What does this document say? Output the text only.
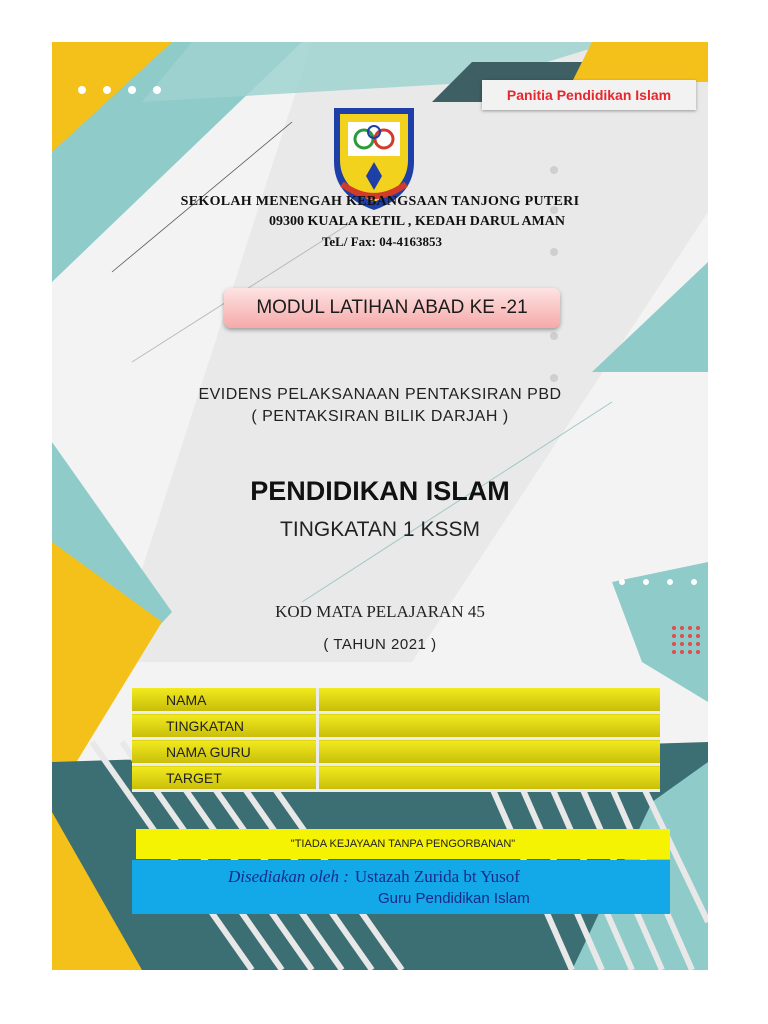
Panitia Pendidikan Islam
SEKOLAH MENENGAH KEBANGSAAN TANJONG PUTERI
09300 KUALA KETIL , KEDAH DARUL AMAN
TeL/ Fax: 04-4163853
MODUL LATIHAN ABAD KE -21
EVIDENS PELAKSANAAN PENTAKSIRAN PBD
( PENTAKSIRAN BILIK DARJAH )
PENDIDIKAN ISLAM
TINGKATAN 1 KSSM
KOD MATA PELAJARAN 45
( TAHUN 2021 )
NAMA	
TINGKATAN	
NAMA GURU	
TARGET	
"TIADA KEJAYAAN TANPA PENGORBANAN"
Disediakan oleh : Ustazah Zurida bt Yusof
Guru Pendidikan Islam
